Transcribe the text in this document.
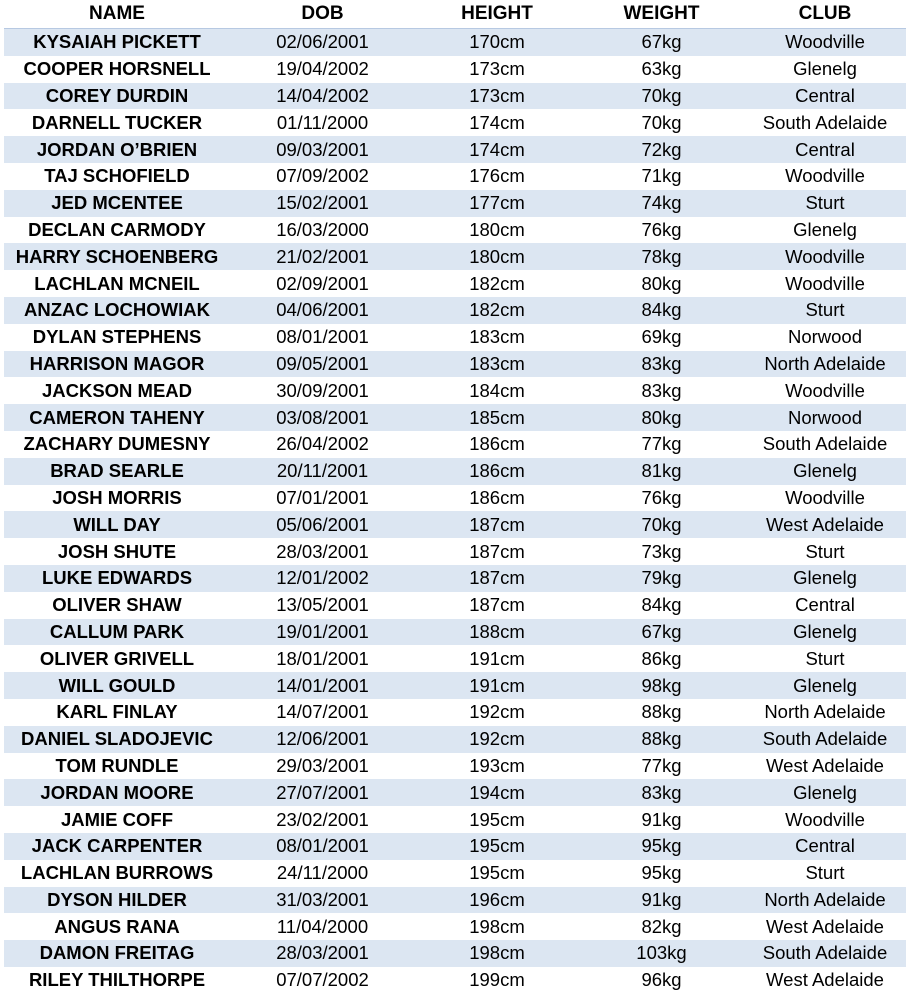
NAME	DOB	HEIGHT	WEIGHT	CLUB
KYSAIAH PICKETT	02/06/2001	170cm	67kg	Woodville
COOPER HORSNELL	19/04/2002	173cm	63kg	Glenelg
COREY DURDIN	14/04/2002	173cm	70kg	Central
DARNELL TUCKER	01/11/2000	174cm	70kg	South Adelaide
JORDAN O’BRIEN	09/03/2001	174cm	72kg	Central
TAJ SCHOFIELD	07/09/2002	176cm	71kg	Woodville
JED MCENTEE	15/02/2001	177cm	74kg	Sturt
DECLAN CARMODY	16/03/2000	180cm	76kg	Glenelg
HARRY SCHOENBERG	21/02/2001	180cm	78kg	Woodville
LACHLAN MCNEIL	02/09/2001	182cm	80kg	Woodville
ANZAC LOCHOWIAK	04/06/2001	182cm	84kg	Sturt
DYLAN STEPHENS	08/01/2001	183cm	69kg	Norwood
HARRISON MAGOR	09/05/2001	183cm	83kg	North Adelaide
JACKSON MEAD	30/09/2001	184cm	83kg	Woodville
CAMERON TAHENY	03/08/2001	185cm	80kg	Norwood
ZACHARY DUMESNY	26/04/2002	186cm	77kg	South Adelaide
BRAD SEARLE	20/11/2001	186cm	81kg	Glenelg
JOSH MORRIS	07/01/2001	186cm	76kg	Woodville
WILL DAY	05/06/2001	187cm	70kg	West Adelaide
JOSH SHUTE	28/03/2001	187cm	73kg	Sturt
LUKE EDWARDS	12/01/2002	187cm	79kg	Glenelg
OLIVER SHAW	13/05/2001	187cm	84kg	Central
CALLUM PARK	19/01/2001	188cm	67kg	Glenelg
OLIVER GRIVELL	18/01/2001	191cm	86kg	Sturt
WILL GOULD	14/01/2001	191cm	98kg	Glenelg
KARL FINLAY	14/07/2001	192cm	88kg	North Adelaide
DANIEL SLADOJEVIC	12/06/2001	192cm	88kg	South Adelaide
TOM RUNDLE	29/03/2001	193cm	77kg	West Adelaide
JORDAN MOORE	27/07/2001	194cm	83kg	Glenelg
JAMIE COFF	23/02/2001	195cm	91kg	Woodville
JACK CARPENTER	08/01/2001	195cm	95kg	Central
LACHLAN BURROWS	24/11/2000	195cm	95kg	Sturt
DYSON HILDER	31/03/2001	196cm	91kg	North Adelaide
ANGUS RANA	11/04/2000	198cm	82kg	West Adelaide
DAMON FREITAG	28/03/2001	198cm	103kg	South Adelaide
RILEY THILTHORPE	07/07/2002	199cm	96kg	West Adelaide
